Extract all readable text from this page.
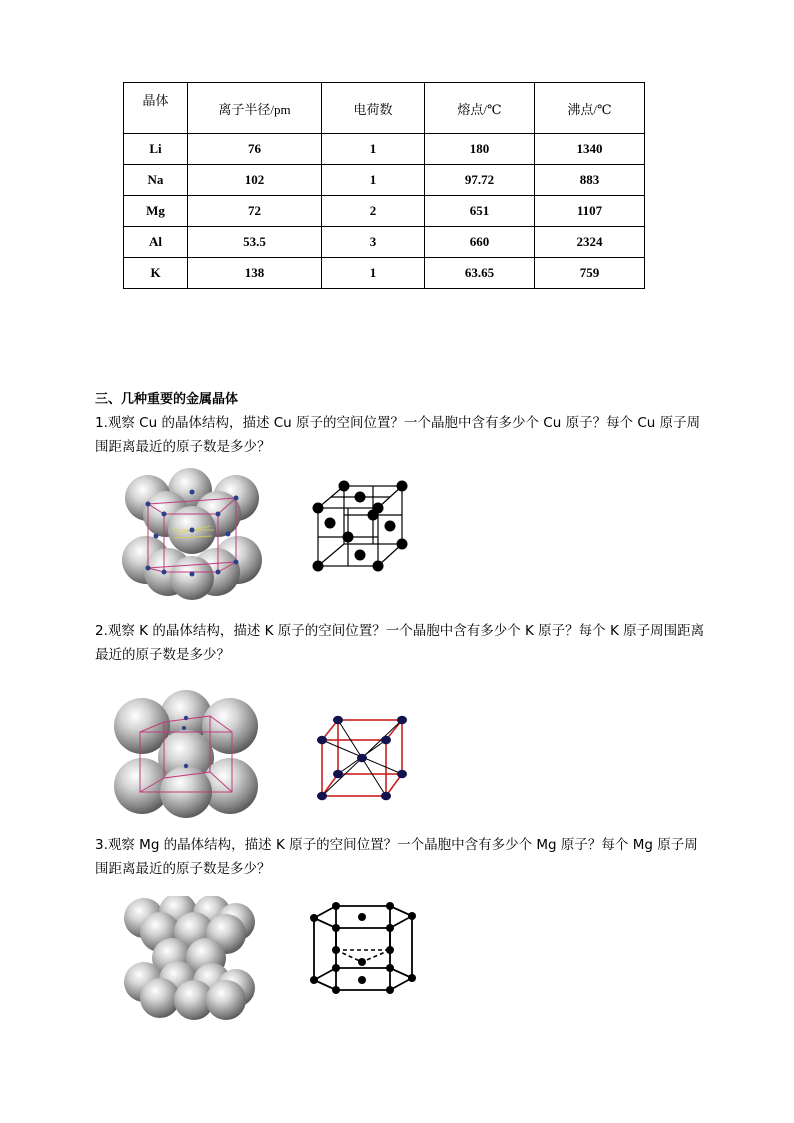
晶体	离子半径/pm	电荷数	熔点/℃	沸点/℃
Li	76	1	180	1340
Na	102	1	97.72	883
Mg	72	2	651	1107
Al	53.5	3	660	2324
K	138	1	63.65	759
三、几种重要的金属晶体
1.观察 Cu 的晶体结构，描述 Cu 原子的空间位置？一个晶胞中含有多少个 Cu 原子？每个 Cu 原子周围距离最近的原子数是多少？
2.观察 K 的晶体结构，描述 K 原子的空间位置？一个晶胞中含有多少个 K 原子？每个 K 原子周围距离最近的原子数是多少？
3.观察 Mg 的晶体结构，描述 K 原子的空间位置？一个晶胞中含有多少个 Mg 原子？每个 Mg 原子周围距离最近的原子数是多少？
